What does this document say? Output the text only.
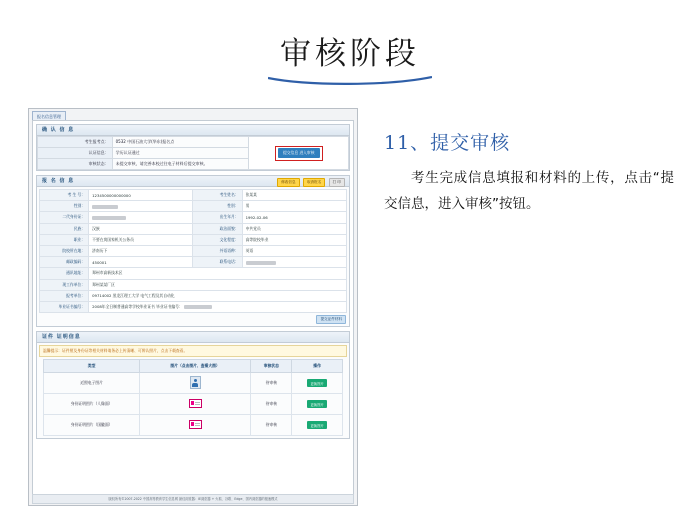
审核阶段
11、提交审核
考生完成信息填报和材料的上传，点击“提交信息，进入审核”按钮。
报名信息管理
确 认 信 息
考生报考点：	0532 中国石油大学(华东)报名点	提交信息 进入审核
认证信息：	学历认证通过	
审核状态：	未提交审核，请完善本校过往电子材料后提交审核。	
报 名 信 息	修改信息	取消报名	打 印
考 生 号：	1234500000000000	考生姓名：	张某某
性别：		性别：	男
二代身份证：		出生年月：	1992-02-06
民族：	汉族	政治面貌：	中共党员
职业：	不要在岗国家机关公务员	文化程度：	高等院校毕业
院校所在地：	济南历下	外语语种：	英语
邮政编码：	450001	联系电话：	
通讯地址：	郑州市高新技术区		
现工作单位：	郑州某某厂区		
报考单位：	09714002 黑龙江理工大学 电气工程及其自动化		
毕业证书编号：	2008年全日制普通高等学校毕业证书 毕业证书编号：		
提交证件材料
证件 证明信息
温馨提示：证件照及身份证等相关材料请务必上传清晰、可辨认照片，点击下载查看。
类型	图片（点击图片、查看大图）	审核状态	操作
近照电子图片		待审核	更换图片
身份证明图片（人像面）		待审核	更换图片
身份证明图片（国徽面）		待审核	更换图片
版权所有©2007-2022 中国高等教育学生信息网 最佳浏览器：IE浏览器 + 火狐、谷歌、Edge、国内浏览器的极速模式
